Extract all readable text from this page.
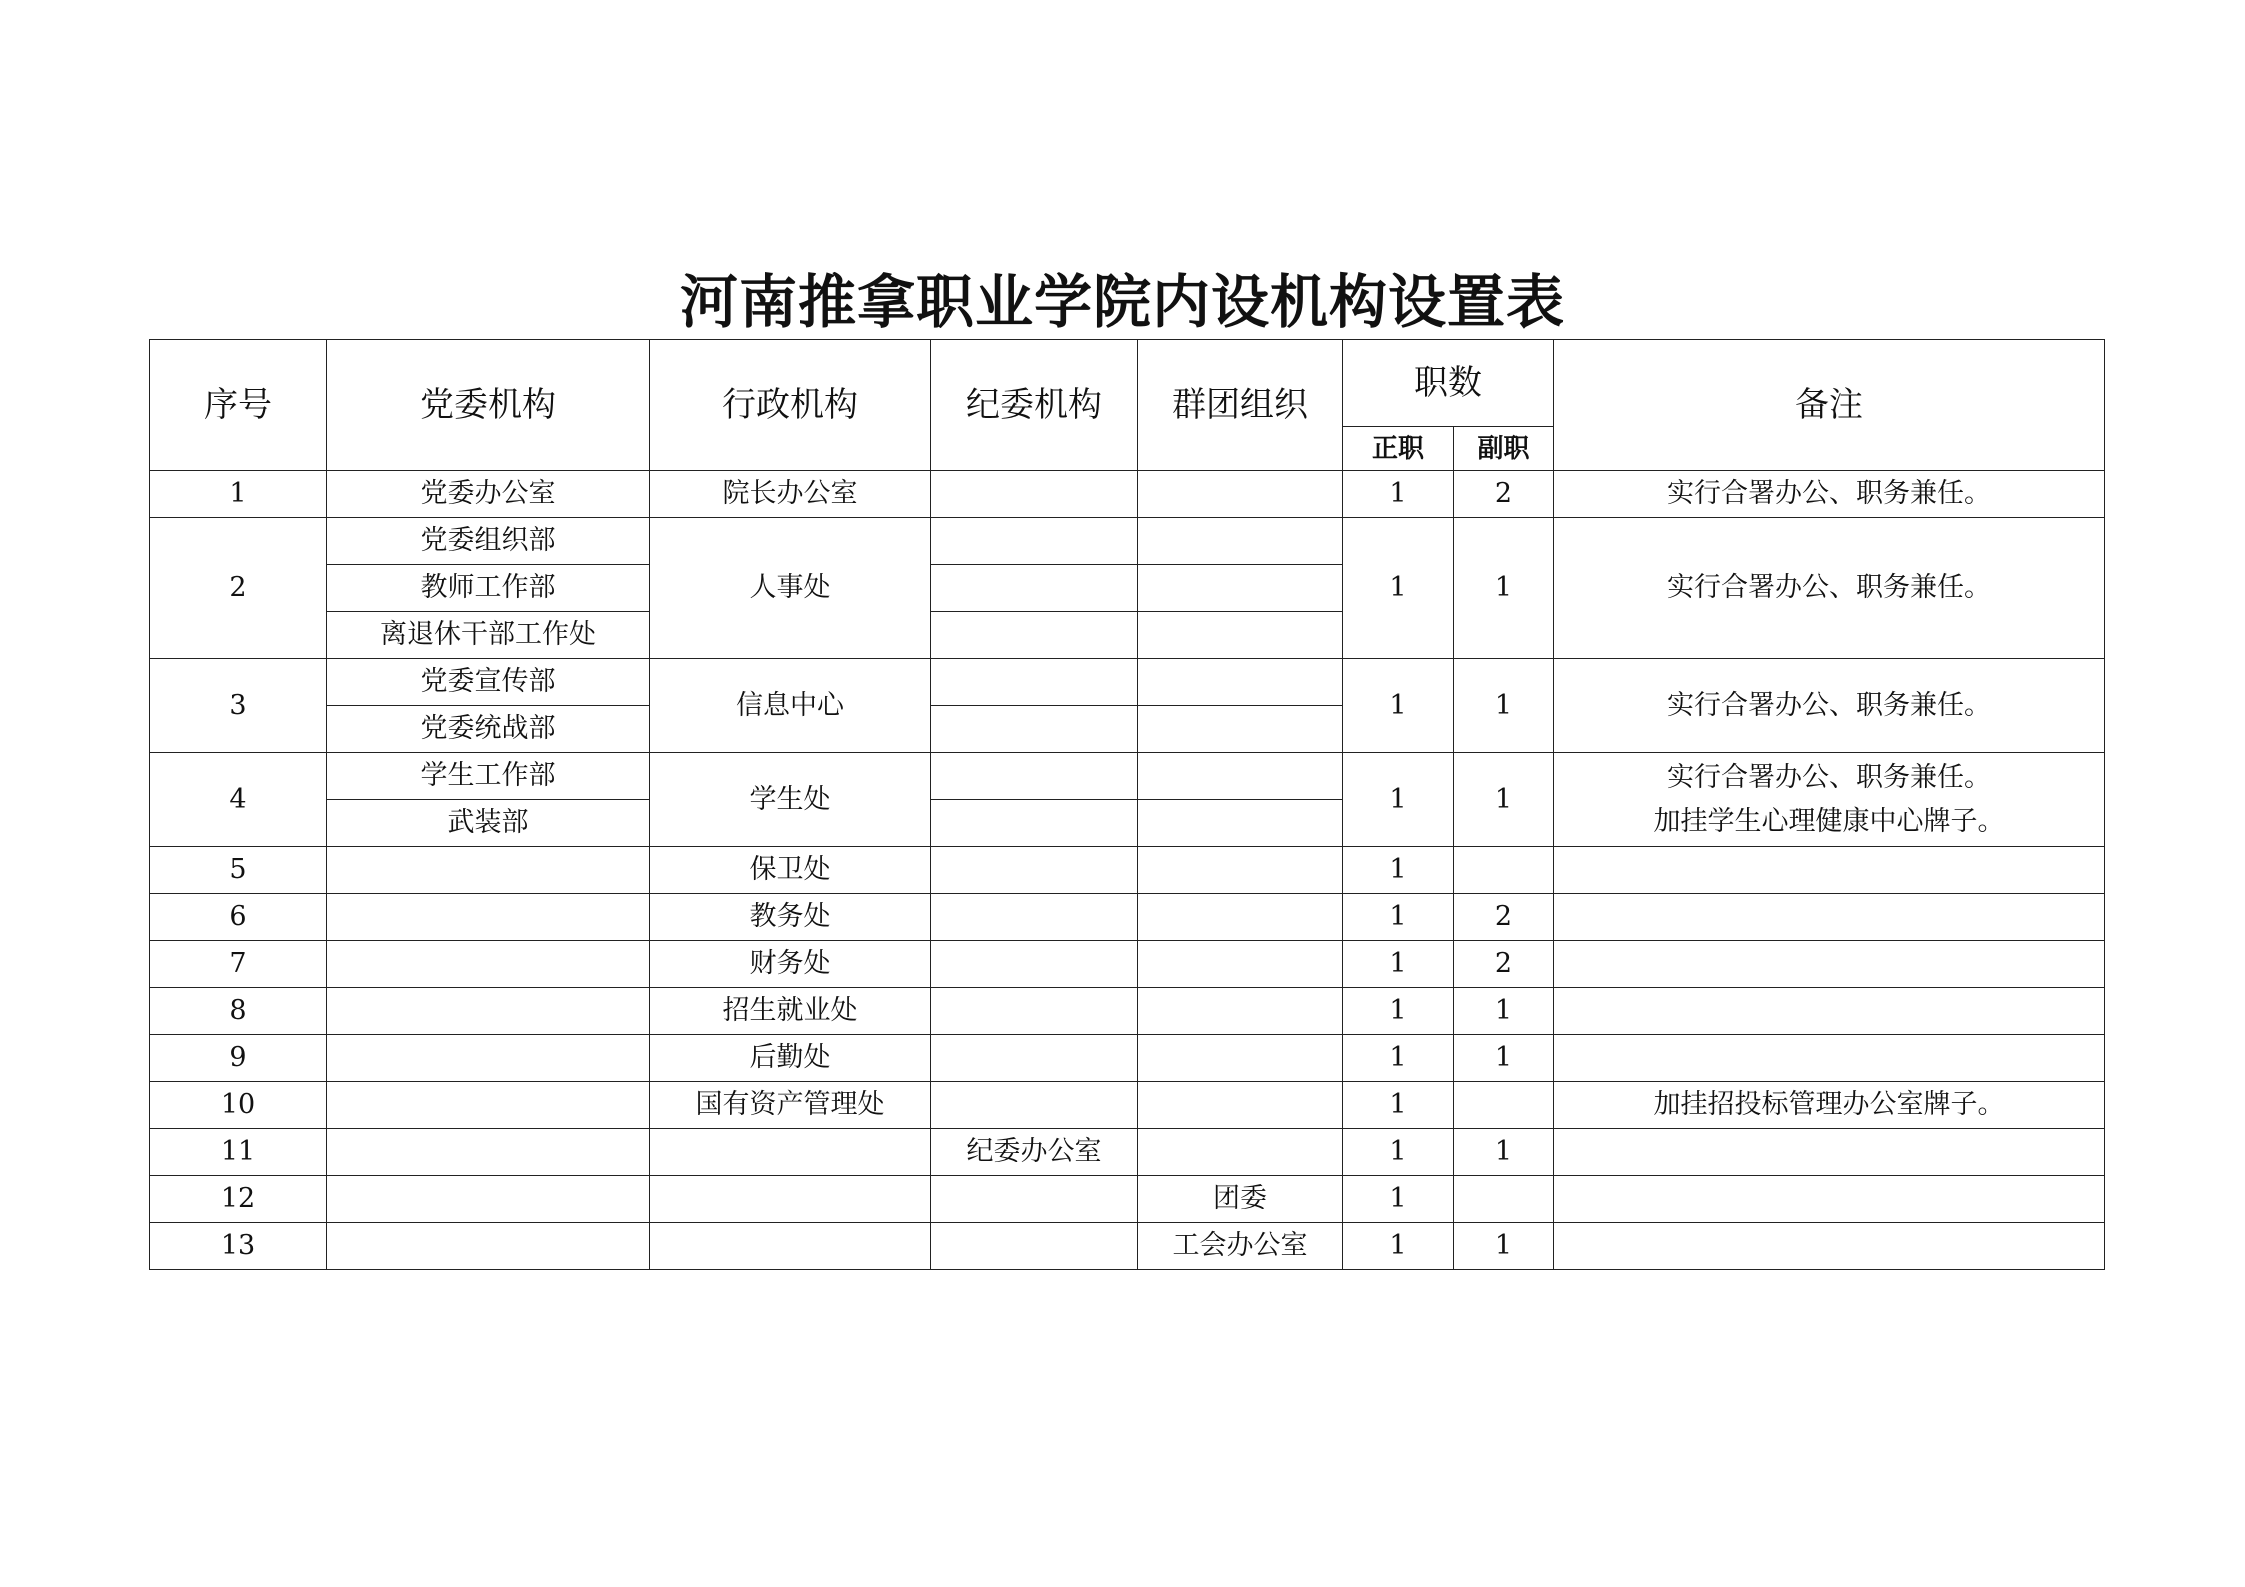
河南推拿职业学院内设机构设置表
序号	党委机构	行政机构	纪委机构	群团组织	职数		备注
					正职	副职	
1	党委办公室	院长办公室			1	2	实行合署办公、职务兼任。

2	党委组织部	人事处			1	1	实行合署办公、职务兼任。

	教师工作部						
	离退休干部工作处						
3	党委宣传部	信息中心			1	1	实行合署办公、职务兼任。

	党委统战部						
4	学生工作部	学生处			1	1	实行合署办公、职务兼任。
加挂学生心理健康中心牌子。

	武装部						
5		保卫处			1		

6		教务处			1	2	

7		财务处			1	2	

8		招生就业处			1	1	

9		后勤处			1	1	

10		国有资产管理处			1		加挂招投标管理办公室牌子。

11			纪委办公室		1	1	

12				团委	1		

13				工会办公室	1	1	
